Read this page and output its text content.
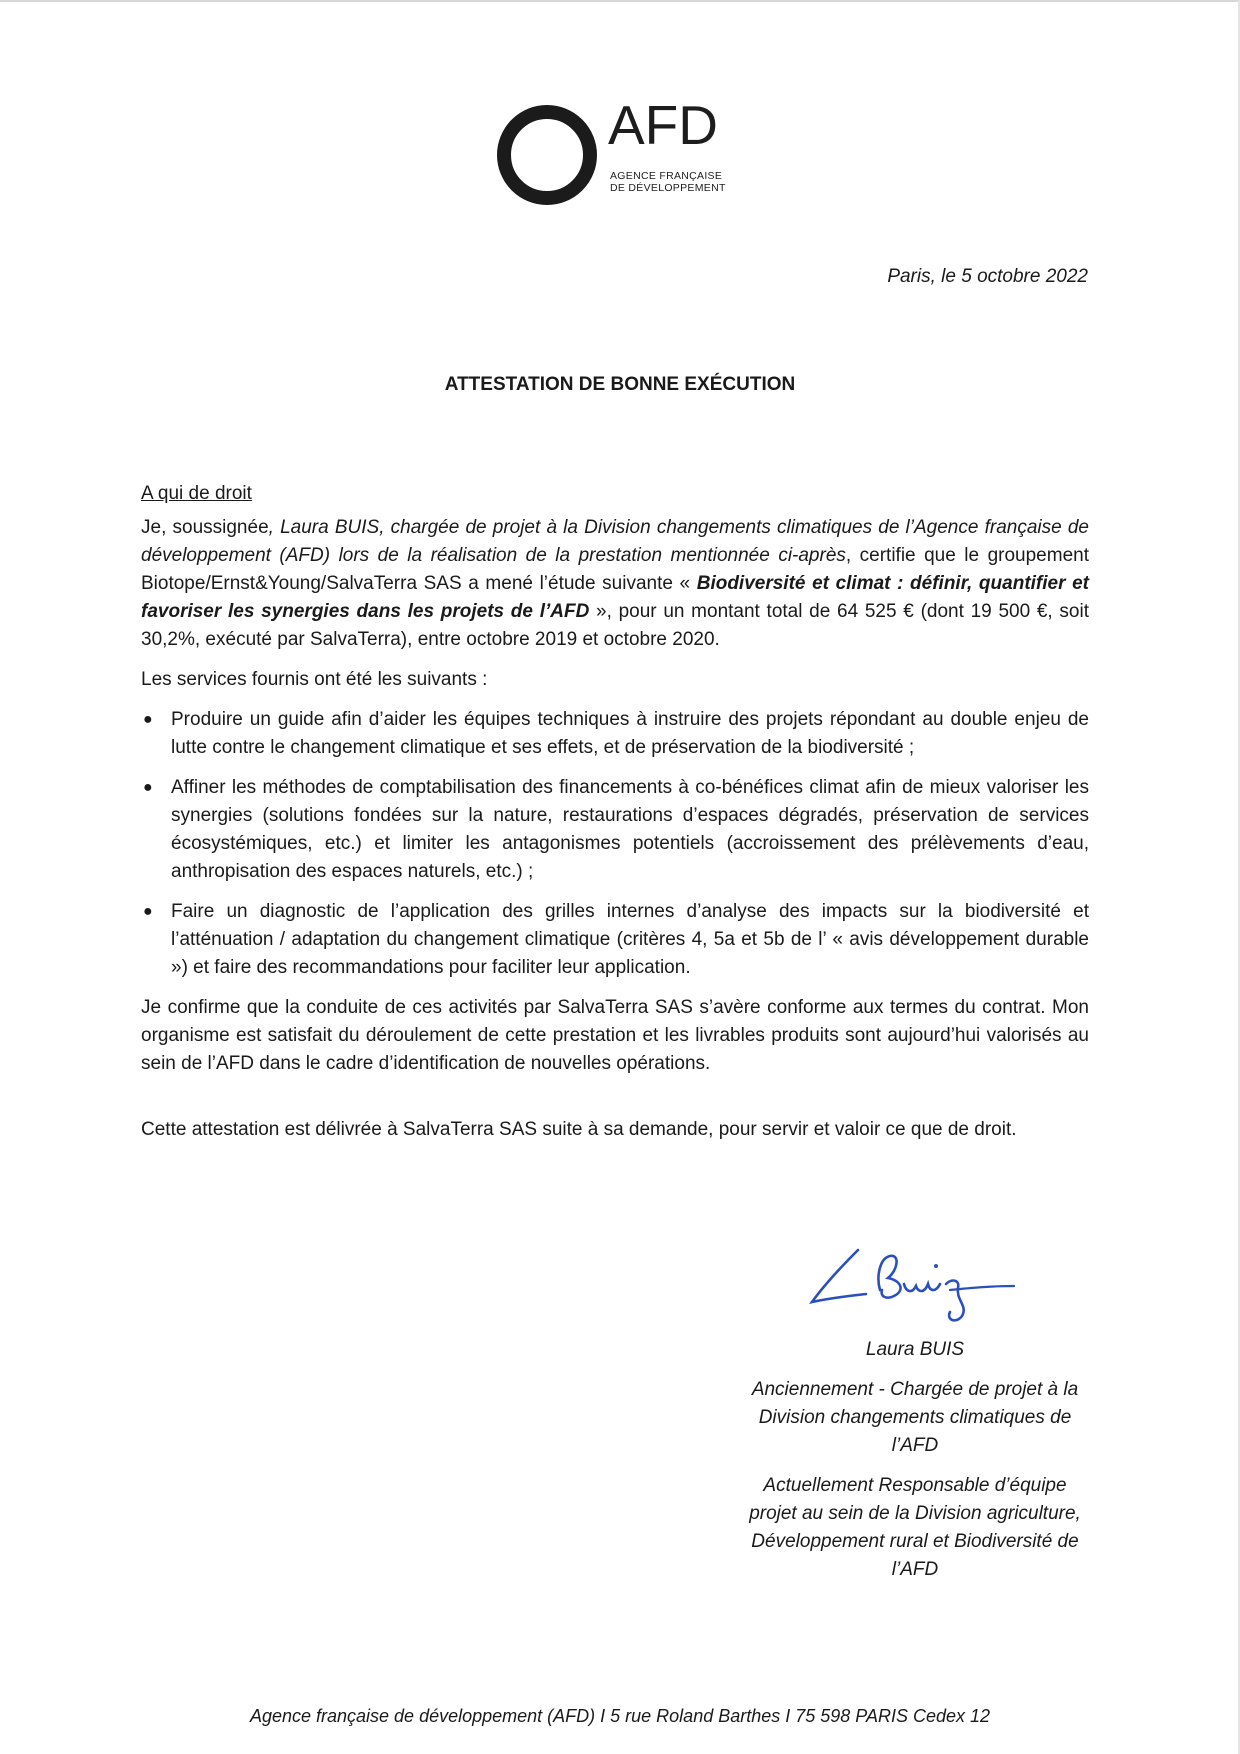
AFD
AGENCE FRANÇAISE
DE DÉVELOPPEMENT
Paris, le 5 octobre 2022
ATTESTATION DE BONNE EXÉCUTION

A qui de droit

Je, soussignée, Laura BUIS, chargée de projet à la Division changements climatiques de l’Agence française de développement (AFD) lors de la réalisation de la prestation mentionnée ci-après, certifie que le groupement Biotope/Ernst&Young/SalvaTerra SAS a mené l’étude suivante « Biodiversité et climat : définir, quantifier et favoriser les synergies dans les projets de l’AFD », pour un montant total de 64 525 € (dont 19 500 €, soit 30,2%, exécuté par SalvaTerra), entre octobre 2019 et octobre 2020.

Les services fournis ont été les suivants :

● Produire un guide afin d’aider les équipes techniques à instruire des projets répondant au double enjeu de lutte contre le changement climatique et ses effets, et de préservation de la biodiversité ;
● Affiner les méthodes de comptabilisation des financements à co-bénéfices climat afin de mieux valoriser les synergies (solutions fondées sur la nature, restaurations d’espaces dégradés, préservation de services écosystémiques, etc.) et limiter les antagonismes potentiels (accroissement des prélèvements d’eau, anthropisation des espaces naturels, etc.) ;
● Faire un diagnostic de l’application des grilles internes d’analyse des impacts sur la biodiversité et l’atténuation / adaptation du changement climatique (critères 4, 5a et 5b de l’ « avis développement durable ») et faire des recommandations pour faciliter leur application.

Je confirme que la conduite de ces activités par SalvaTerra SAS s’avère conforme aux termes du contrat. Mon organisme est satisfait du déroulement de cette prestation et les livrables produits sont aujourd’hui valorisés au sein de l’AFD dans le cadre d’identification de nouvelles opérations.

Cette attestation est délivrée à SalvaTerra SAS suite à sa demande, pour servir et valoir ce que de droit.

Laura BUIS
Anciennement - Chargée de projet à la Division changements climatiques de l’AFD
Actuellement Responsable d’équipe projet au sein de la Division agriculture, Développement rural et Biodiversité de l’AFD
Agence française de développement (AFD) I 5 rue Roland Barthes I 75 598 PARIS Cedex 12
